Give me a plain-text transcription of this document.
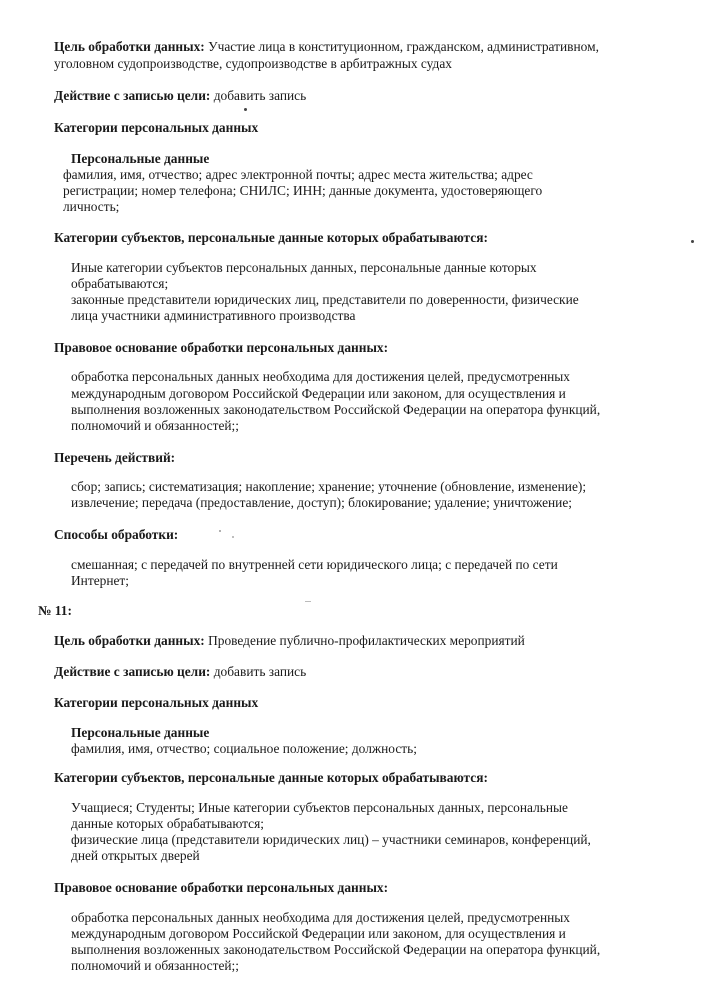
Цель обработки данных: Участие лица в конституционном, гражданском, административном,
уголовном судопроизводстве, судопроизводстве в арбитражных судах
Действие с записью цели: добавить запись
Категории персональных данных
Персональные данные
фамилия, имя, отчество; адрес электронной почты; адрес места жительства; адрес
регистрации; номер телефона; СНИЛС; ИНН; данные документа, удостоверяющего
личность;
Категории субъектов, персональные данные которых обрабатываются:
Иные категории субъектов персональных данных, персональные данные которых
обрабатываются;
законные представители юридических лиц, представители по доверенности, физические
лица участники административного производства
Правовое основание обработки персональных данных:
обработка персональных данных необходима для достижения целей, предусмотренных
международным договором Российской Федерации или законом, для осуществления и
выполнения возложенных законодательством Российской Федерации на оператора функций,
полномочий и обязанностей;;
Перечень действий:
сбор; запись; систематизация; накопление; хранение; уточнение (обновление, изменение);
извлечение; передача (предоставление, доступ); блокирование; удаление; уничтожение;
Способы обработки:
смешанная; с передачей по внутренней сети юридического лица; с передачей по сети
Интернет;
№ 11:
Цель обработки данных: Проведение публично-профилактических мероприятий
Действие с записью цели: добавить запись
Категории персональных данных
Персональные данные
фамилия, имя, отчество; социальное положение; должность;
Категории субъектов, персональные данные которых обрабатываются:
Учащиеся; Студенты; Иные категории субъектов персональных данных, персональные
данные которых обрабатываются;
физические лица (представители юридических лиц) – участники семинаров, конференций,
дней открытых дверей
Правовое основание обработки персональных данных:
обработка персональных данных необходима для достижения целей, предусмотренных
международным договором Российской Федерации или законом, для осуществления и
выполнения возложенных законодательством Российской Федерации на оператора функций,
полномочий и обязанностей;;
